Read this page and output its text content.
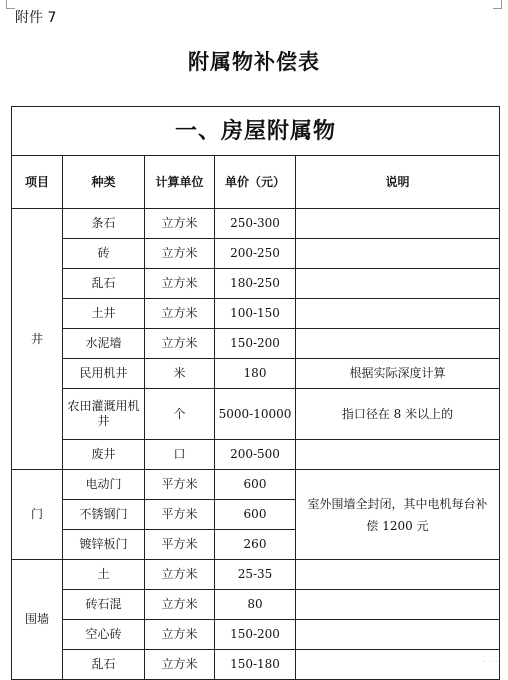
附件 7
附属物补偿表
一、房屋附属物				
项目	种类	计算单位	单价（元）	说明
井	条石	立方米	250-300	
	砖	立方米	200-250	
	乱石	立方米	180-250	
	土井	立方米	100-150	
	水泥墙	立方米	150-200	
	民用机井	米	180	根据实际深度计算
	农田灌溉用机井	个	5000-10000	指口径在 8 米以上的
	废井	口	200-500	
门	电动门	平方米	600	室外围墙全封闭，其中电机每台补偿 1200 元
	不锈钢门	平方米	600	
	镀锌板门	平方米	260	
围墙	土	立方米	25-35	
	砖石混	立方米	80	
	空心砖	立方米	150-200	
	乱石	立方米	150-180		· · ·
